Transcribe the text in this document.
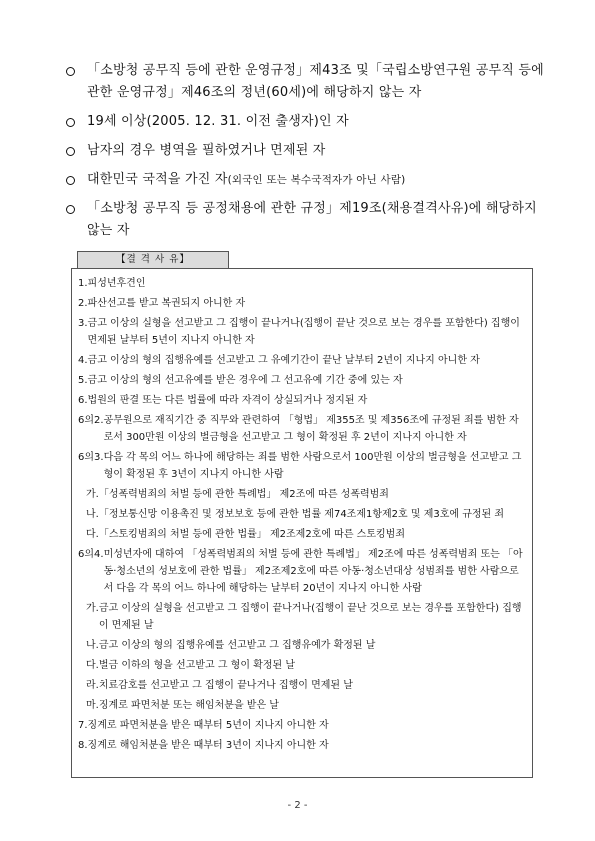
「소방청 공무직 등에 관한 운영규정」제43조 및「국립소방연구원 공무직 등에 관한 운영규정」제46조의 정년(60세)에 해당하지 않는 자
19세 이상(2005. 12. 31. 이전 출생자)인 자
남자의 경우 병역을 필하였거나 면제된 자
대한민국 국적을 가진 자(외국인 또는 복수국적자가 아닌 사람)
「소방청 공무직 등 공정채용에 관한 규정」제19조(채용결격사유)에 해당하지 않는 자
【결 격 사 유】
1. 피성년후견인
2. 파산선고를 받고 복권되지 아니한 자
3. 금고 이상의 실형을 선고받고 그 집행이 끝나거나(집행이 끝난 것으로 보는 경우를 포함한다) 집행이 면제된 날부터 5년이 지나지 아니한 자
4. 금고 이상의 형의 집행유예를 선고받고 그 유예기간이 끝난 날부터 2년이 지나지 아니한 자
5. 금고 이상의 형의 선고유예를 받은 경우에 그 선고유예 기간 중에 있는 자
6. 법원의 판결 또는 다른 법률에 따라 자격이 상실되거나 정지된 자
6의2. 공무원으로 재직기간 중 직무와 관련하여 「형법」 제355조 및 제356조에 규정된 죄를 범한 자로서 300만원 이상의 벌금형을 선고받고 그 형이 확정된 후 2년이 지나지 아니한 자
6의3. 다음 각 목의 어느 하나에 해당하는 죄를 범한 사람으로서 100만원 이상의 벌금형을 선고받고 그 형이 확정된 후 3년이 지나지 아니한 사람
가. 「성폭력범죄의 처벌 등에 관한 특례법」 제2조에 따른 성폭력범죄
나. 「정보통신망 이용촉진 및 정보보호 등에 관한 법률 제74조제1항제2호 및 제3호에 규정된 죄
다. 「스토킹범죄의 처벌 등에 관한 법률」 제2조제2호에 따른 스토킹범죄
6의4. 미성년자에 대하여 「성폭력범죄의 처벌 등에 관한 특례법」 제2조에 따른 성폭력범죄 또는 「아동·청소년의 성보호에 관한 법률」 제2조제2호에 따른 아동·청소년대상 성범죄를 범한 사람으로서 다음 각 목의 어느 하나에 해당하는 날부터 20년이 지나지 아니한 사람
가. 금고 이상의 실형을 선고받고 그 집행이 끝나거나(집행이 끝난 것으로 보는 경우를 포함한다) 집행이 면제된 날
나. 금고 이상의 형의 집행유예를 선고받고 그 집행유예가 확정된 날
다. 벌금 이하의 형을 선고받고 그 형이 확정된 날
라. 치료감호를 선고받고 그 집행이 끝나거나 집행이 면제된 날
마. 징계로 파면처분 또는 해임처분을 받은 날
7. 징계로 파면처분을 받은 때부터 5년이 지나지 아니한 자
8. 징계로 해임처분을 받은 때부터 3년이 지나지 아니한 자
- 2 -
